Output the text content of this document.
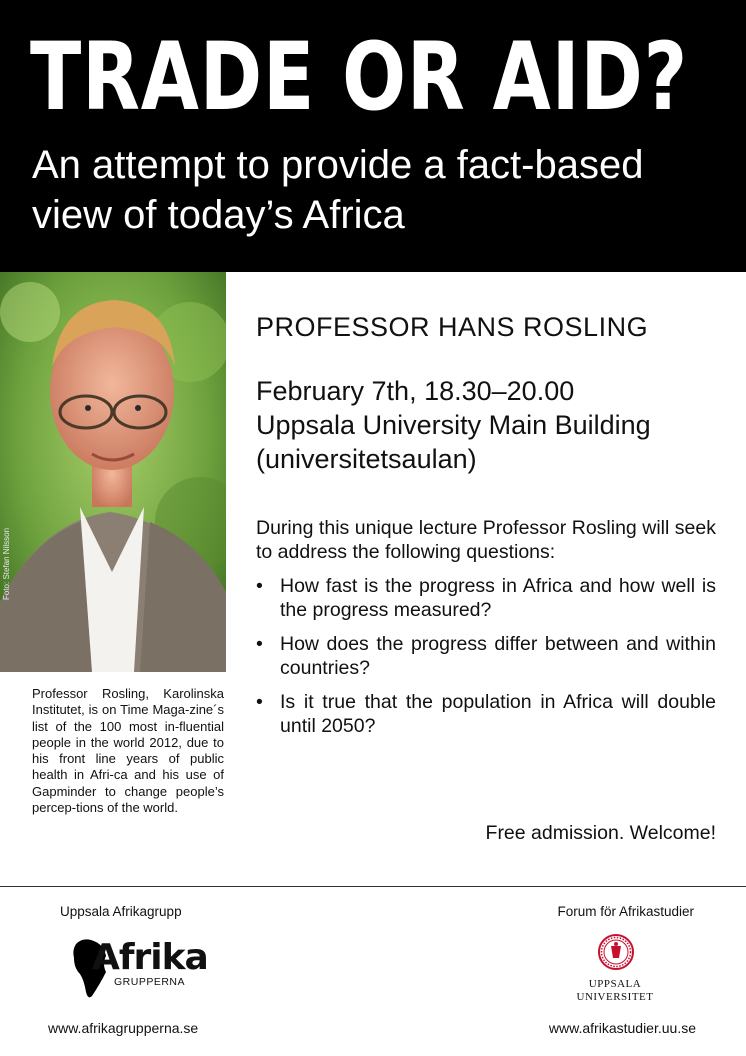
TRADE OR AID?
An attempt to provide a fact-based view of today’s Africa
Professor Rosling, Karolinska Institutet, is on Time Maga-zine´s list of the 100 most in-fluential people in the world 2012, due to his front line years of public health in Afri-ca and his use of Gapminder to change people’s percep-tions of the world.
PROFESSOR HANS ROSLING
February 7th, 18.30–20.00
Uppsala University Main Building
(universitetsaulan)
During this unique lecture Professor Rosling will seek to address the following questions:
• How fast is the progress in Africa and how well is the progress measured?
• How does the progress differ between and within countries?
• Is it true that the population in Africa will double until 2050?
Free admission. Welcome!
Uppsala Afrikagrupp	Forum för Afrikastudier
Afrika
GRUPPERNA	UPPSALA
UNIVERSITET
www.afrikagrupperna.se	www.afrikastudier.uu.se
